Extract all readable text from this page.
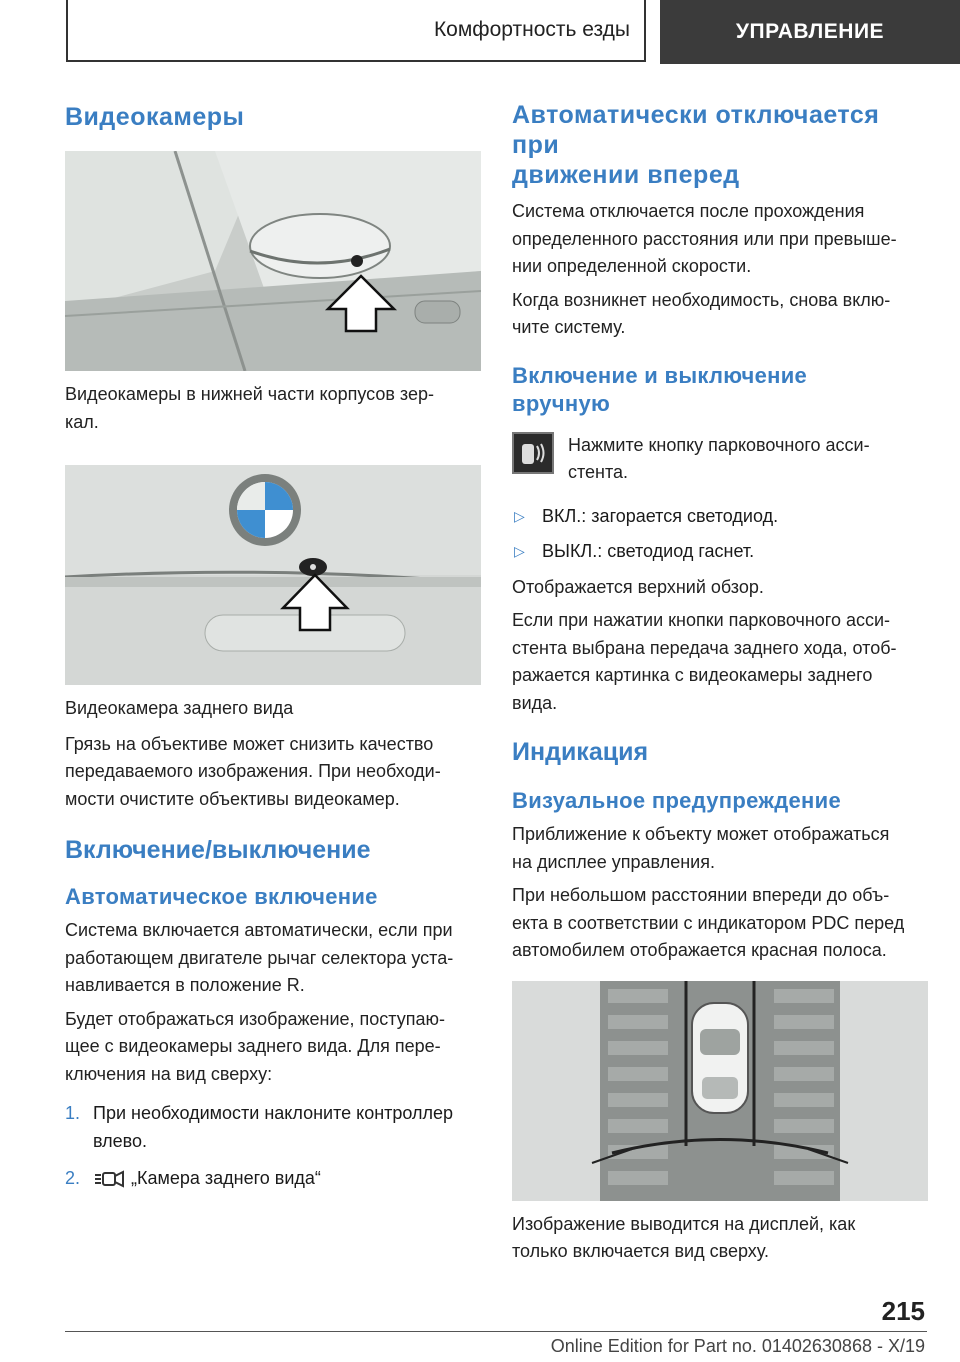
Комфортность езды	УПРАВЛЕНИЕ
Видеокамеры

Видеокамеры в нижней части корпусов зер-
кал.

Видеокамера заднего вида

Грязь на объективе может снизить качество
передаваемого изображения. При необходи-
мости очистите объективы видеокамер.

Включение/выключение
Автоматическое включение

Система включается автоматически, если при
работающем двигателе рычаг селектора уста-
навливается в положение R.

Будет отображаться изображение, поступаю-
щее с видеокамеры заднего вида. Для пере-
ключения на вид сверху:

1. При необходимости наклоните контроллер
влево.
2.	„Камера заднего вида“
Автоматически отключается при
движении вперед

Система отключается после прохождения
определенного расстояния или при превыше-
нии определенной скорости.

Когда возникнет необходимость, снова вклю-
чите систему.

Включение и выключение
вручную

Нажмите кнопку парковочного асси-
стента.

▷ ВКЛ.: загорается светодиод.
▷ ВЫКЛ.: светодиод гаснет.

Отображается верхний обзор.

Если при нажатии кнопки парковочного асси-
стента выбрана передача заднего хода, отоб-
ражается картинка с видеокамеры заднего
вида.

Индикация
Визуальное предупреждение

Приближение к объекту может отображаться
на дисплее управления.

При небольшом расстоянии впереди до объ-
екта в соответствии с индикатором PDC перед
автомобилем отображается красная полоса.

Изображение выводится на дисплей, как
только включается вид сверху.

215
Online Edition for Part no. 01402630868 - X/19
